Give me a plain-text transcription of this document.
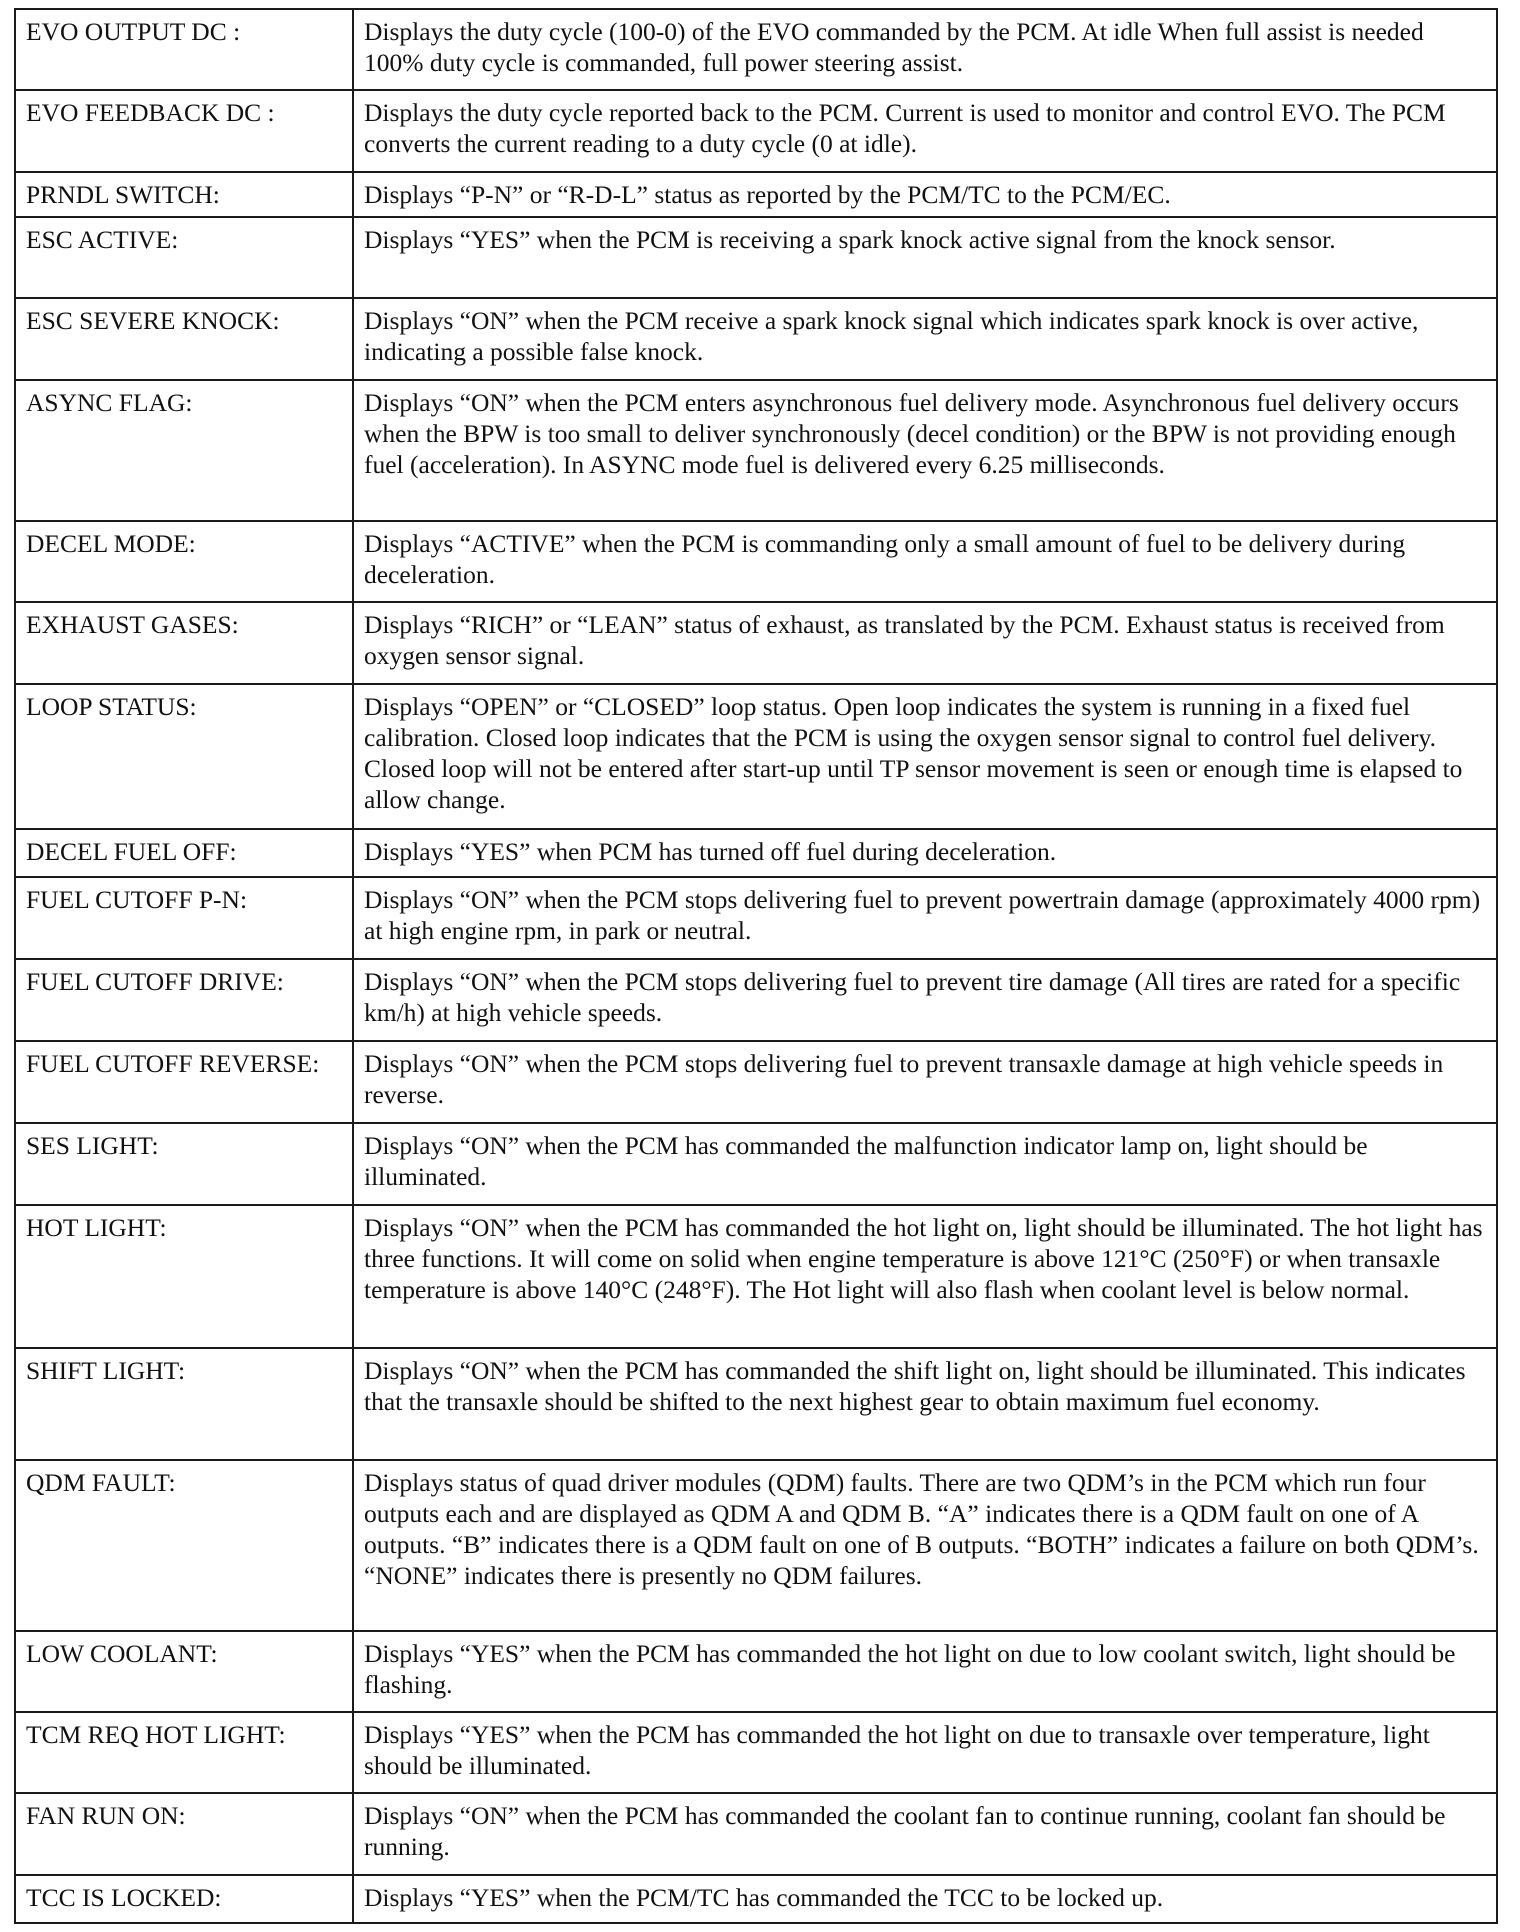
EVO OUTPUT DC :	Displays the duty cycle (100-0) of the EVO commanded by the PCM. At idle When full assist is needed 100% duty cycle is commanded, full power steering assist.
EVO FEEDBACK DC :	Displays the duty cycle reported back to the PCM. Current is used to monitor and control EVO. The PCM converts the current reading to a duty cycle (0 at idle).
PRNDL SWITCH:	Displays “P-N” or “R-D-L” status as reported by the PCM/TC to the PCM/EC.
ESC ACTIVE:	Displays “YES” when the PCM is receiving a spark knock active signal from the knock sensor.
ESC SEVERE KNOCK:	Displays “ON” when the PCM receive a spark knock signal which indicates spark knock is over active, indicating a possible false knock.
ASYNC FLAG:	Displays “ON” when the PCM enters asynchronous fuel delivery mode. Asynchronous fuel delivery occurs when the BPW is too small to deliver synchronously (decel condition) or the BPW is not providing enough fuel (acceleration). In ASYNC mode fuel is delivered every 6.25 milliseconds.
DECEL MODE:	Displays “ACTIVE” when the PCM is commanding only a small amount of fuel to be delivery during deceleration.
EXHAUST GASES:	Displays “RICH” or “LEAN” status of exhaust, as translated by the PCM. Exhaust status is received from oxygen sensor signal.
LOOP STATUS:	Displays “OPEN” or “CLOSED” loop status. Open loop indicates the system is running in a fixed fuel calibration. Closed loop indicates that the PCM is using the oxygen sensor signal to control fuel delivery. Closed loop will not be entered after start-up until TP sensor movement is seen or enough time is elapsed to allow change.
DECEL FUEL OFF:	Displays “YES” when PCM has turned off fuel during deceleration.
FUEL CUTOFF P-N:	Displays “ON” when the PCM stops delivering fuel to prevent powertrain damage (approximately 4000 rpm) at high engine rpm, in park or neutral.
FUEL CUTOFF DRIVE:	Displays “ON” when the PCM stops delivering fuel to prevent tire damage (All tires are rated for a specific km/h) at high vehicle speeds.
FUEL CUTOFF REVERSE:	Displays “ON” when the PCM stops delivering fuel to prevent transaxle damage at high vehicle speeds in reverse.
SES LIGHT:	Displays “ON” when the PCM has commanded the malfunction indicator lamp on, light should be illuminated.
HOT LIGHT:	Displays “ON” when the PCM has commanded the hot light on, light should be illuminated. The hot light has three functions. It will come on solid when engine temperature is above 121°C (250°F) or when transaxle temperature is above 140°C (248°F). The Hot light will also flash when coolant level is below normal.
SHIFT LIGHT:	Displays “ON” when the PCM has commanded the shift light on, light should be illuminated. This indicates that the transaxle should be shifted to the next highest gear to obtain maximum fuel economy.
QDM FAULT:	Displays status of quad driver modules (QDM) faults. There are two QDM’s in the PCM which run four outputs each and are displayed as QDM A and QDM B. “A” indicates there is a QDM fault on one of A outputs. “B” indicates there is a QDM fault on one of B outputs. “BOTH” indicates a failure on both QDM’s. “NONE” indicates there is presently no QDM failures.
LOW COOLANT:	Displays “YES” when the PCM has commanded the hot light on due to low coolant switch, light should be flashing.
TCM REQ HOT LIGHT:	Displays “YES” when the PCM has commanded the hot light on due to transaxle over temperature, light should be illuminated.
FAN RUN ON:	Displays “ON” when the PCM has commanded the coolant fan to continue running, coolant fan should be running.
TCC IS LOCKED:	Displays “YES” when the PCM/TC has commanded the TCC to be locked up.
